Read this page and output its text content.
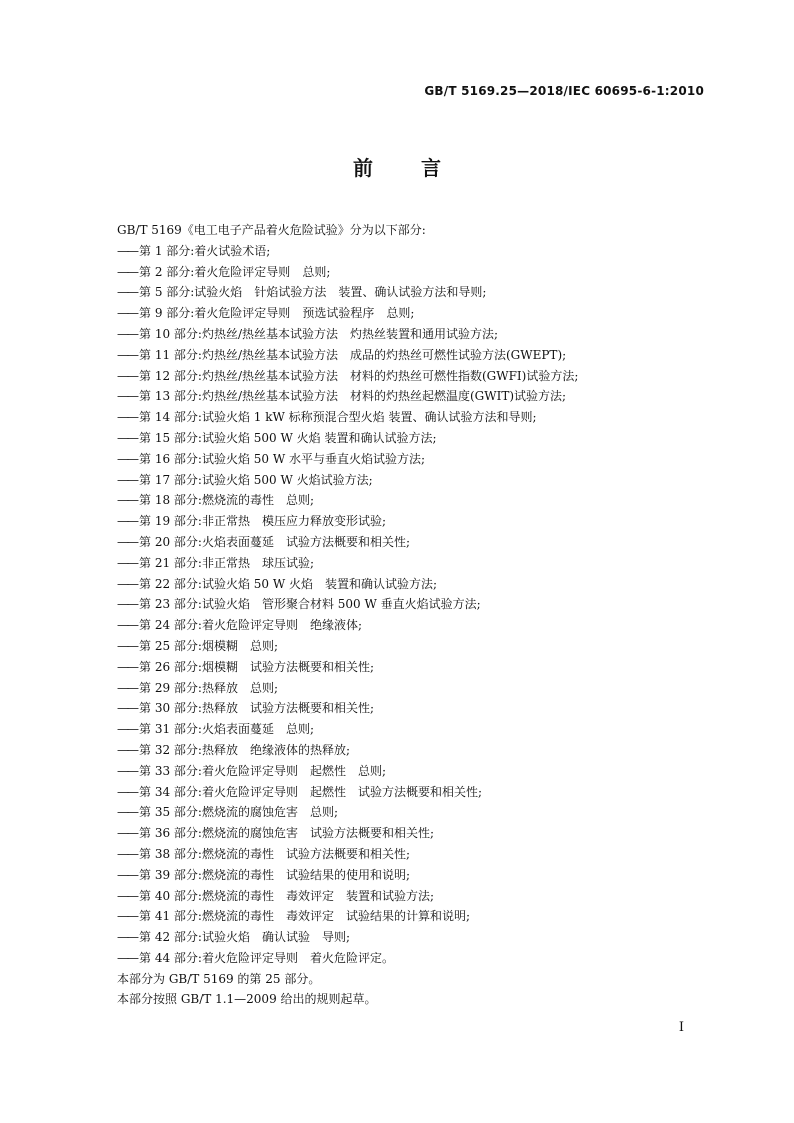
GB/T 5169.25—2018/IEC 60695-6-1:2010
前 言
GB/T 5169《电工电子产品着火危险试验》分为以下部分:
—— 第 1 部分:着火试验术语;
—— 第 2 部分:着火危险评定导则 总则;
—— 第 5 部分:试验火焰 针焰试验方法 装置、确认试验方法和导则;
—— 第 9 部分:着火危险评定导则 预选试验程序 总则;
—— 第 10 部分:灼热丝/热丝基本试验方法 灼热丝装置和通用试验方法;
—— 第 11 部分:灼热丝/热丝基本试验方法 成品的灼热丝可燃性试验方法(GWEPT);
—— 第 12 部分:灼热丝/热丝基本试验方法 材料的灼热丝可燃性指数(GWFI)试验方法;
—— 第 13 部分:灼热丝/热丝基本试验方法 材料的灼热丝起燃温度(GWIT)试验方法;
—— 第 14 部分:试验火焰 1 kW 标称预混合型火焰 装置、确认试验方法和导则;
—— 第 15 部分:试验火焰 500 W 火焰 装置和确认试验方法;
—— 第 16 部分:试验火焰 50 W 水平与垂直火焰试验方法;
—— 第 17 部分:试验火焰 500 W 火焰试验方法;
—— 第 18 部分:燃烧流的毒性 总则;
—— 第 19 部分:非正常热 模压应力释放变形试验;
—— 第 20 部分:火焰表面蔓延 试验方法概要和相关性;
—— 第 21 部分:非正常热 球压试验;
—— 第 22 部分:试验火焰 50 W 火焰 装置和确认试验方法;
—— 第 23 部分:试验火焰 管形聚合材料 500 W 垂直火焰试验方法;
—— 第 24 部分:着火危险评定导则 绝缘液体;
—— 第 25 部分:烟模糊 总则;
—— 第 26 部分:烟模糊 试验方法概要和相关性;
—— 第 29 部分:热释放 总则;
—— 第 30 部分:热释放 试验方法概要和相关性;
—— 第 31 部分:火焰表面蔓延 总则;
—— 第 32 部分:热释放 绝缘液体的热释放;
—— 第 33 部分:着火危险评定导则 起燃性 总则;
—— 第 34 部分:着火危险评定导则 起燃性 试验方法概要和相关性;
—— 第 35 部分:燃烧流的腐蚀危害 总则;
—— 第 36 部分:燃烧流的腐蚀危害 试验方法概要和相关性;
—— 第 38 部分:燃烧流的毒性 试验方法概要和相关性;
—— 第 39 部分:燃烧流的毒性 试验结果的使用和说明;
—— 第 40 部分:燃烧流的毒性 毒效评定 装置和试验方法;
—— 第 41 部分:燃烧流的毒性 毒效评定 试验结果的计算和说明;
—— 第 42 部分:试验火焰 确认试验 导则;
—— 第 44 部分:着火危险评定导则 着火危险评定。
本部分为 GB/T 5169 的第 25 部分。
本部分按照 GB/T 1.1—2009 给出的规则起草。
I
